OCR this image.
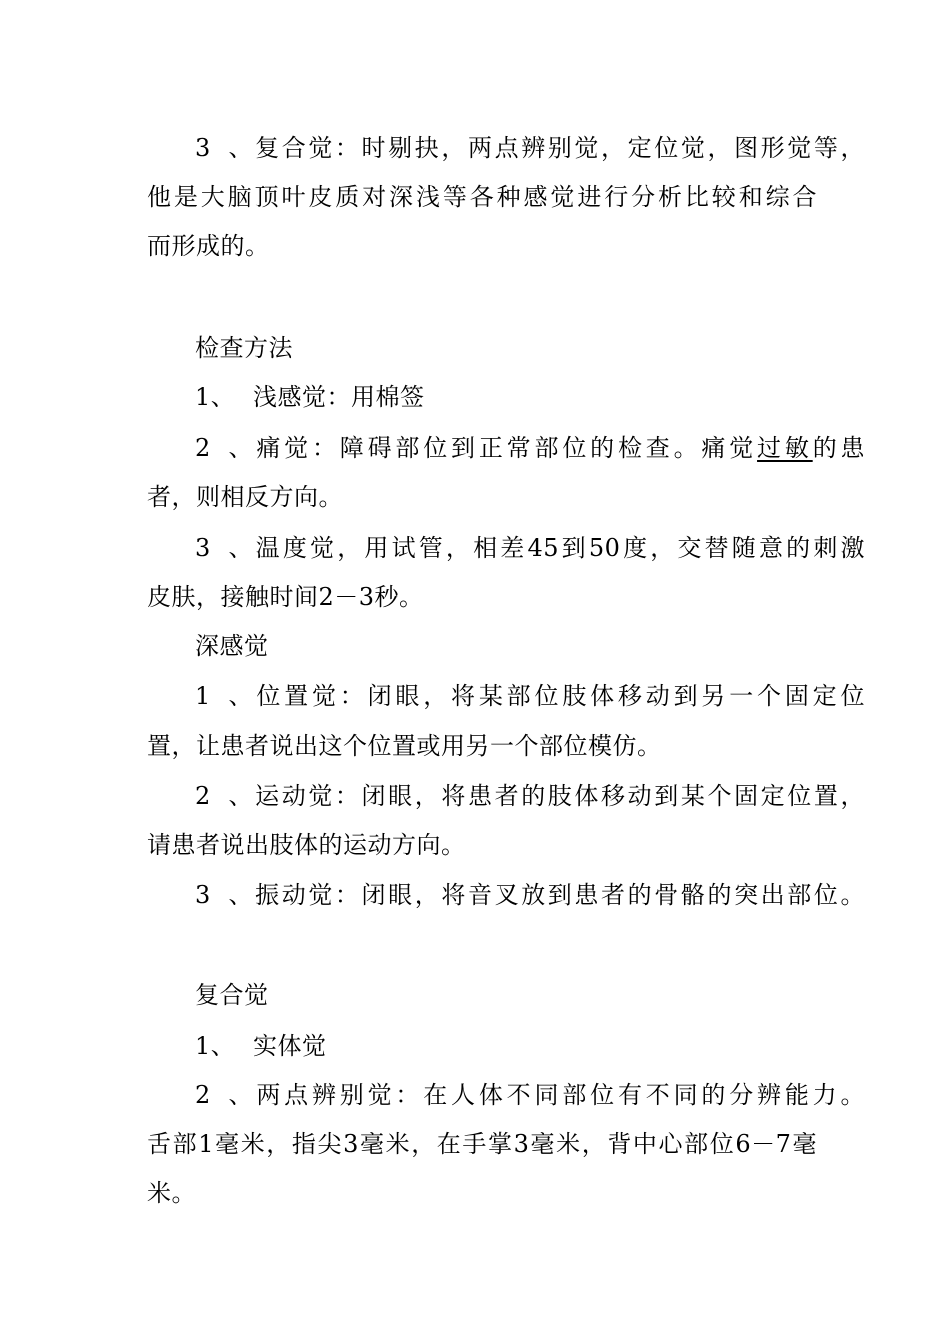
3、复合觉：时剔抉，两点辨别觉，定位觉，图形觉等，
他是大脑顶叶皮质对深浅等各种感觉进行分析比较和综合
而形成的。
检查方法
1、 浅感觉：用棉签
2、痛觉：障碍部位到正常部位的检查。痛觉过敏的患
者，则相反方向。
3、温度觉，用试管，相差45到50度，交替随意的刺激
皮肤，接触时间2－3秒。
深感觉
1、位置觉：闭眼，将某部位肢体移动到另一个固定位
置，让患者说出这个位置或用另一个部位模仿。
2、运动觉：闭眼，将患者的肢体移动到某个固定位置，
请患者说出肢体的运动方向。
3、振动觉：闭眼，将音叉放到患者的骨骼的突出部位。
复合觉
1、 实体觉
2、两点辨别觉：在人体不同部位有不同的分辨能力。
舌部1毫米，指尖3毫米，在手掌3毫米，背中心部位6－7毫
米。
